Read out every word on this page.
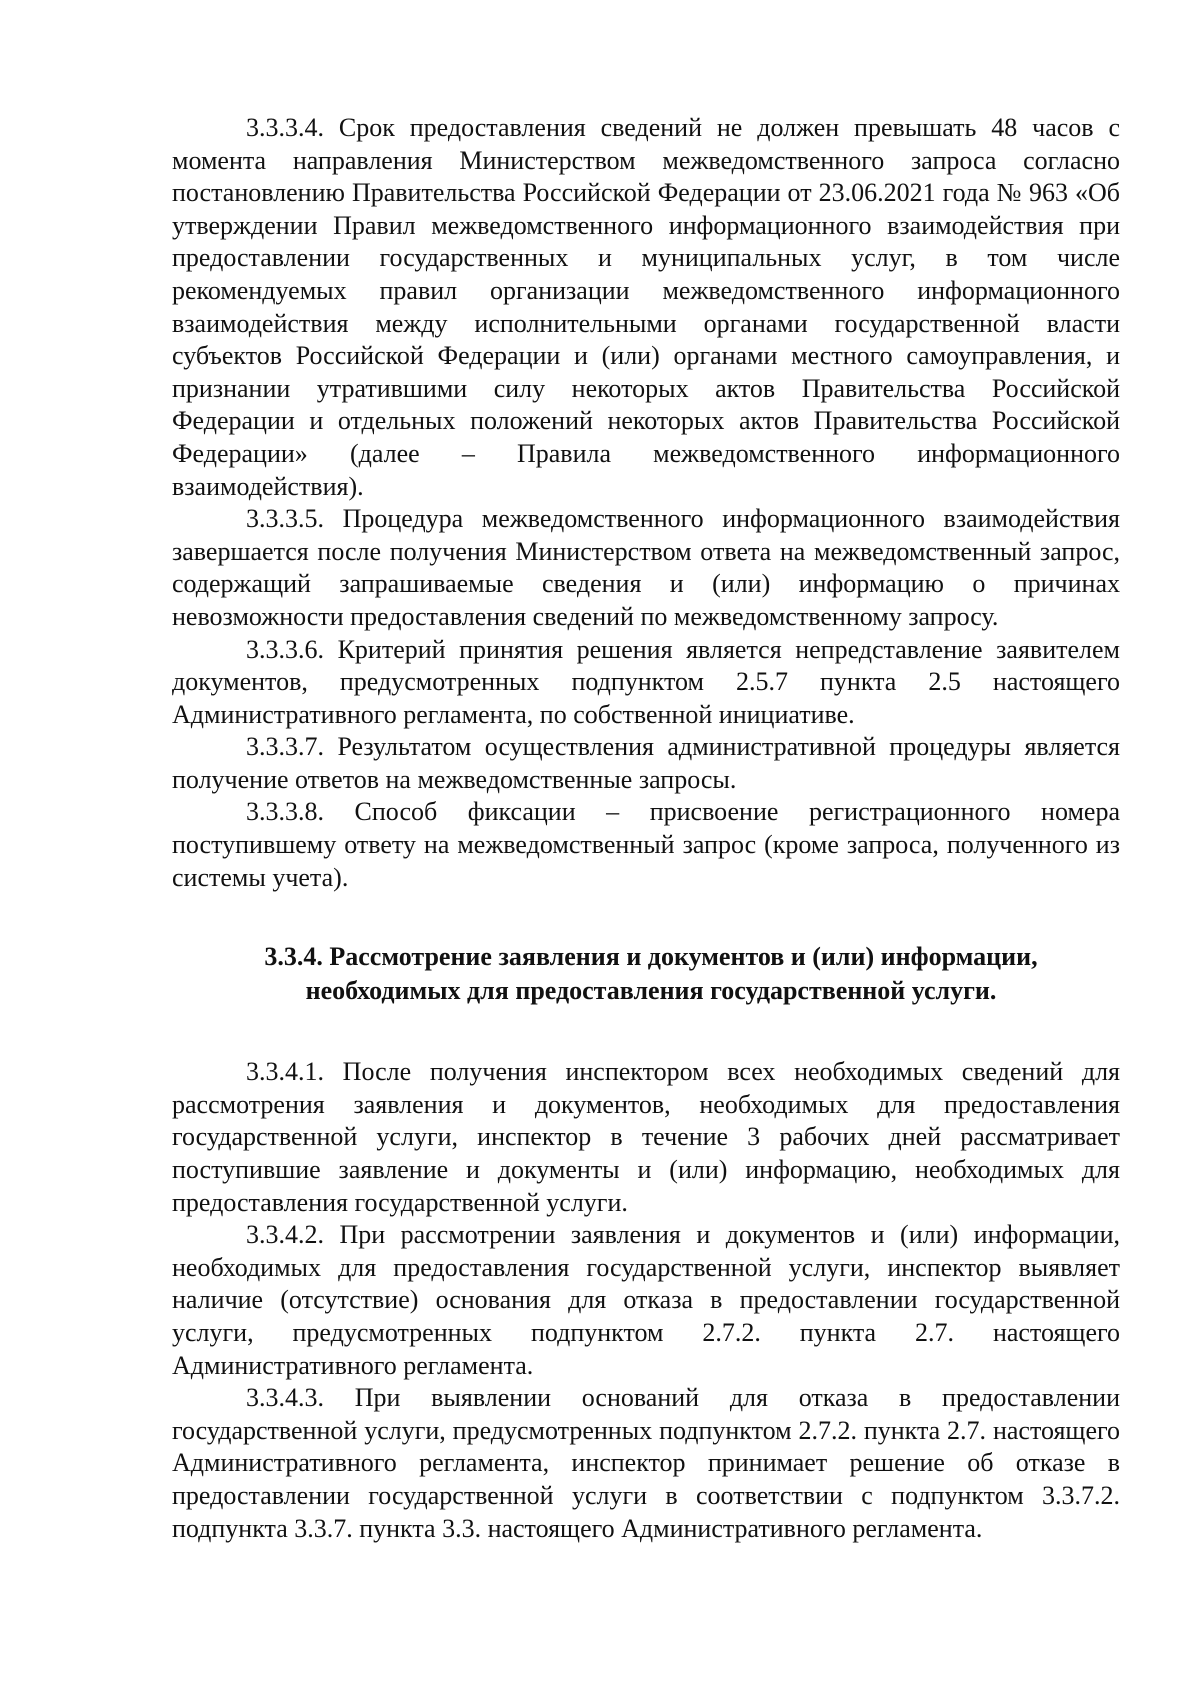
3.3.3.4. Срок предоставления сведений не должен превышать 48 часов с момента направления Министерством межведомственного запроса согласно постановлению Правительства Российской Федерации от 23.06.2021 года № 963 «Об утверждении Правил межведомственного информационного взаимодействия при предоставлении государственных и муниципальных услуг, в том числе рекомендуемых правил организации межведомственного информационного взаимодействия между исполнительными органами государственной власти субъектов Российской Федерации и (или) органами местного самоуправления, и признании утратившими силу некоторых актов Правительства Российской Федерации и отдельных положений некоторых актов Правительства Российской Федерации» (далее – Правила межведомственного информационного взаимодействия).

3.3.3.5. Процедура межведомственного информационного взаимодействия завершается после получения Министерством ответа на межведомственный запрос, содержащий запрашиваемые сведения и (или) информацию о причинах невозможности предоставления сведений по межведомственному запросу.

3.3.3.6. Критерий принятия решения является непредставление заявителем документов, предусмотренных подпунктом 2.5.7 пункта 2.5 настоящего Административного регламента, по собственной инициативе.

3.3.3.7. Результатом осуществления административной процедуры является получение ответов на межведомственные запросы.

3.3.3.8. Способ фиксации – присвоение регистрационного номера поступившему ответу на межведомственный запрос (кроме запроса, полученного из системы учета).

3.3.4. Рассмотрение заявления и документов и (или) информации,
необходимых для предоставления государственной услуги.

3.3.4.1. После получения инспектором всех необходимых сведений для рассмотрения заявления и документов, необходимых для предоставления государственной услуги, инспектор в течение 3 рабочих дней рассматривает поступившие заявление и документы и (или) информацию, необходимых для предоставления государственной услуги.

3.3.4.2. При рассмотрении заявления и документов и (или) информации, необходимых для предоставления государственной услуги, инспектор выявляет наличие (отсутствие) основания для отказа в предоставлении государственной услуги, предусмотренных подпунктом 2.7.2. пункта 2.7. настоящего Административного регламента.

3.3.4.3. При выявлении оснований для отказа в предоставлении государственной услуги, предусмотренных подпунктом 2.7.2. пункта 2.7. настоящего Административного регламента, инспектор принимает решение об отказе в предоставлении государственной услуги в соответствии с подпунктом 3.3.7.2. подпункта 3.3.7. пункта 3.3. настоящего Административного регламента.
